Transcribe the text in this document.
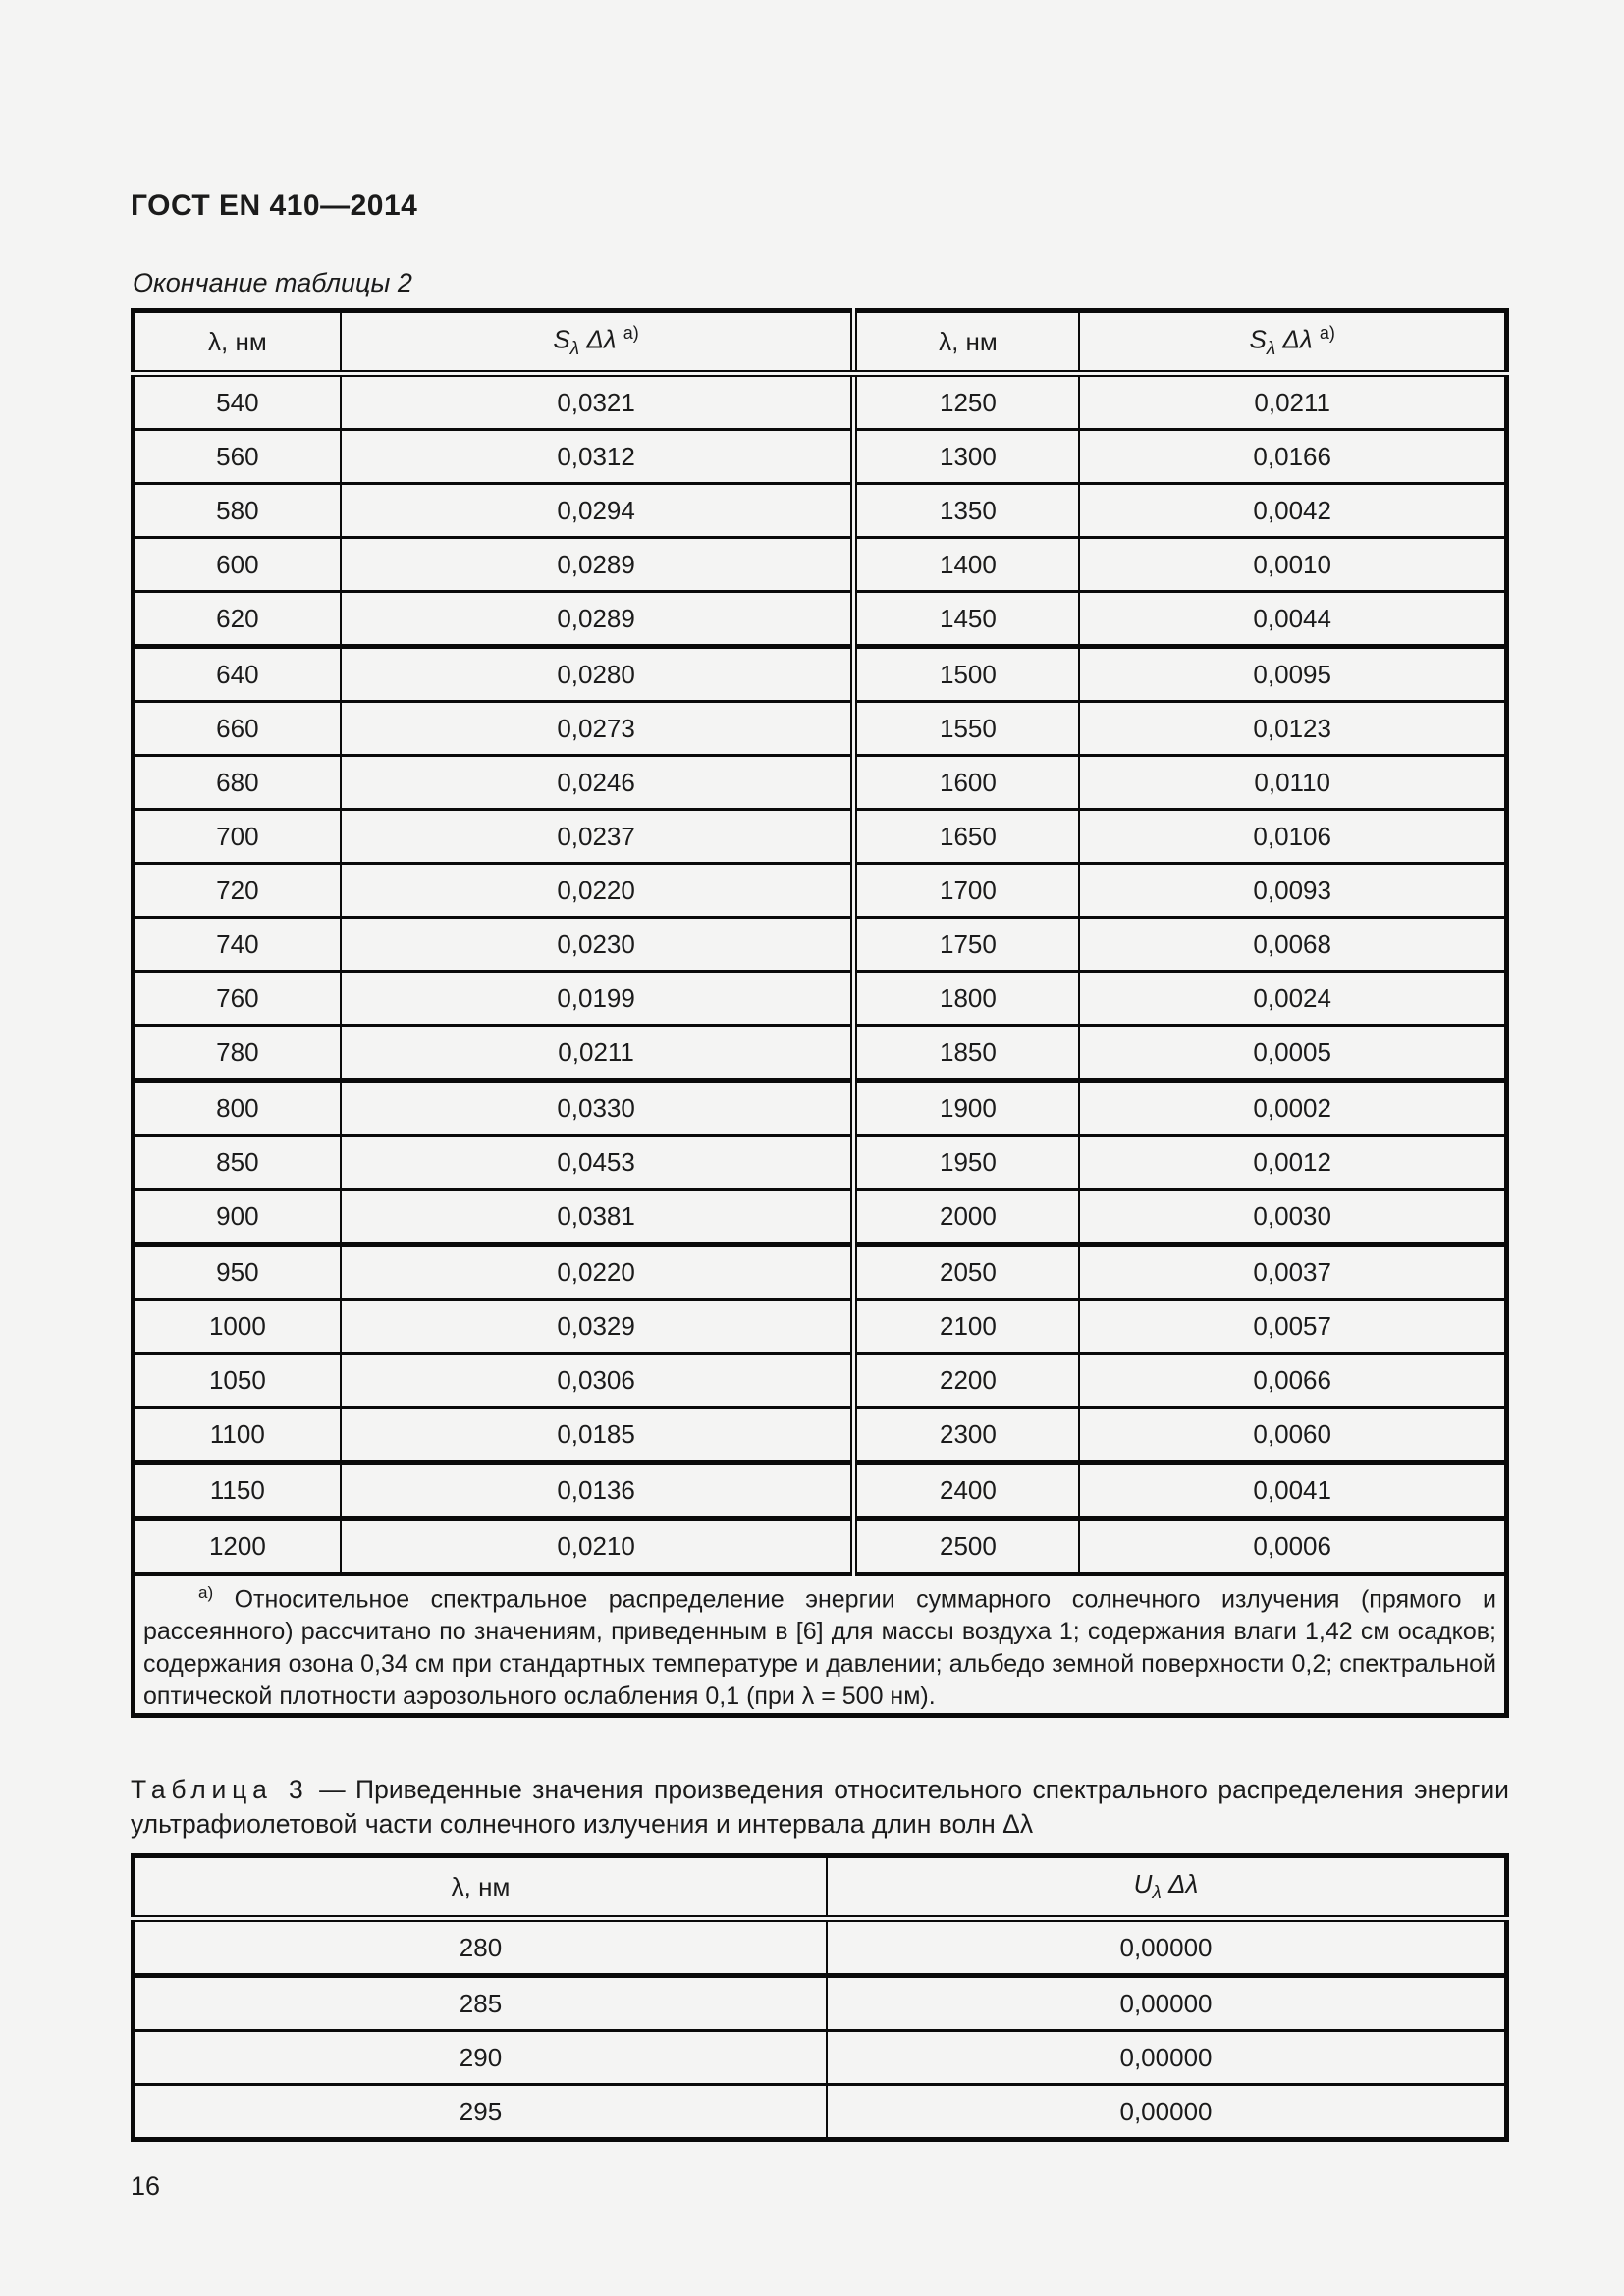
ГОСТ EN 410—2014

Окончание таблицы 2

λ, нм	$S_\lambda$ Δλ $^{а)}$	λ, нм	$S_\lambda$ Δλ $^{а)}$
540	0,0321	1250	0,0211
560	0,0312	1300	0,0166
580	0,0294	1350	0,0042
600	0,0289	1400	0,0010
620	0,0289	1450	0,0044
640	0,0280	1500	0,0095
660	0,0273	1550	0,0123
680	0,0246	1600	0,0110
700	0,0237	1650	0,0106
720	0,0220	1700	0,0093
740	0,0230	1750	0,0068
760	0,0199	1800	0,0024
780	0,0211	1850	0,0005
800	0,0330	1900	0,0002
850	0,0453	1950	0,0012
900	0,0381	2000	0,0030
950	0,0220	2050	0,0037
1000	0,0329	2100	0,0057
1050	0,0306	2200	0,0066
1100	0,0185	2300	0,0060
1150	0,0136	2400	0,0041
1200	0,0210	2500	0,0006

$^{а)}$ Относительное спектральное распределение энергии суммарного солнечного излучения (прямого и рассеянного) рассчитано по значениям, приведенным в [6] для массы воздуха 1; содержания влаги 1,42 см осадков; содержания озона 0,34 см при стандартных температуре и давлении; альбедо земной поверхности 0,2; спектральной оптической плотности аэрозольного ослабления 0,1 (при λ = 500 нм).			

Таблица 3 — Приведенные значения произведения относительного спектрального распределения энергии ультрафиолетовой части солнечного излучения и интервала длин волн Δλ

λ, нм	$U_\lambda$ Δλ
280	0,00000
285	0,00000
290	0,00000
295	0,00000

16
